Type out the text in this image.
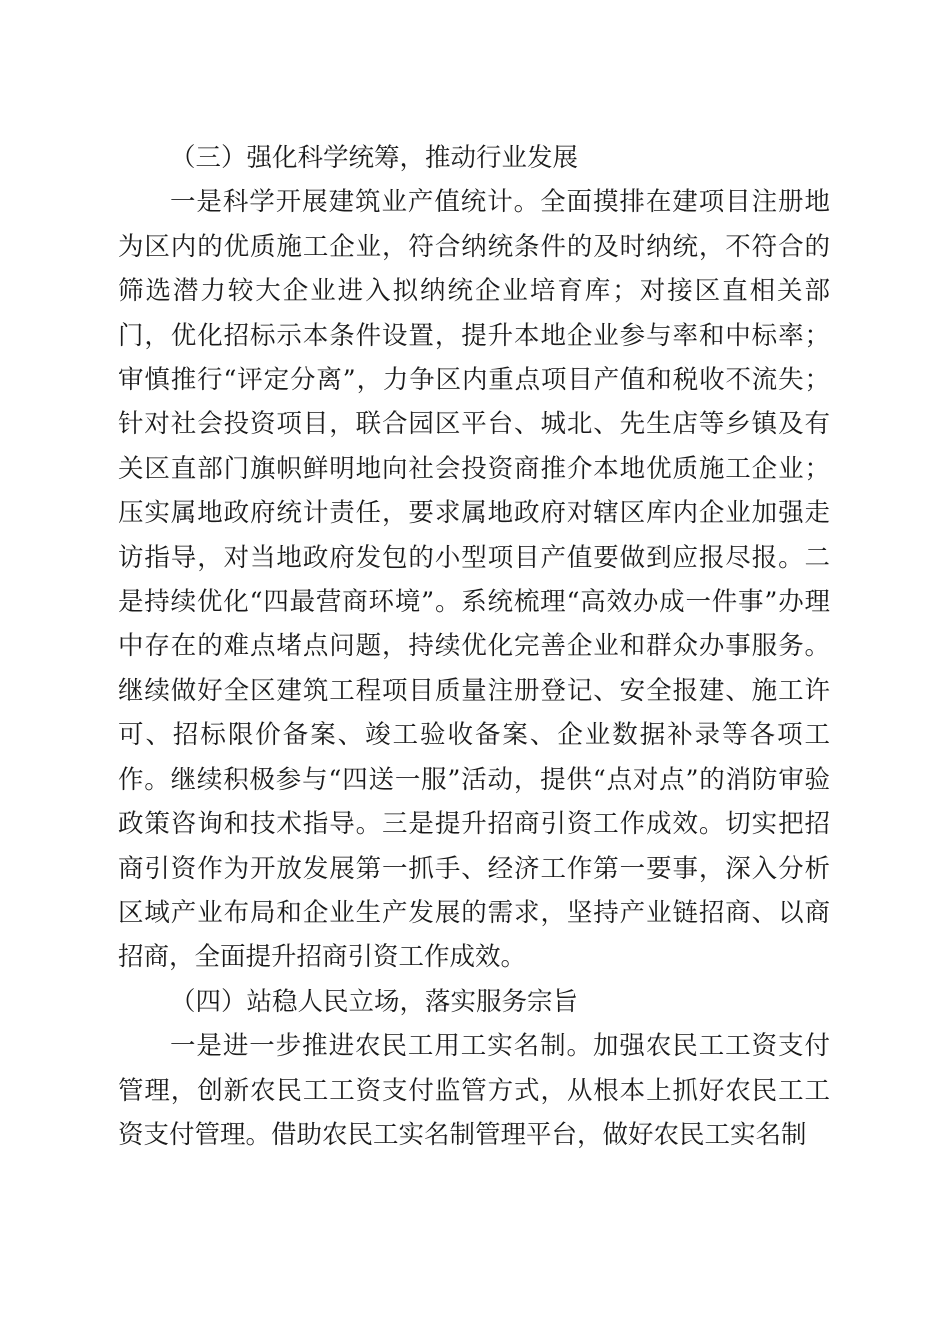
（三）强化科学统筹，推动行业发展

一是科学开展建筑业产值统计。全面摸排在建项目注册地为区内的优质施工企业，符合纳统条件的及时纳统，不符合的筛选潜力较大企业进入拟纳统企业培育库；对接区直相关部门，优化招标示本条件设置，提升本地企业参与率和中标率；审慎推行“评定分离”，力争区内重点项目产值和税收不流失；针对社会投资项目，联合园区平台、城北、先生店等乡镇及有关区直部门旗帜鲜明地向社会投资商推介本地优质施工企业；压实属地政府统计责任，要求属地政府对辖区库内企业加强走访指导，对当地政府发包的小型项目产值要做到应报尽报。二是持续优化“四最营商环境”。系统梳理“高效办成一件事”办理中存在的难点堵点问题，持续优化完善企业和群众办事服务。继续做好全区建筑工程项目质量注册登记、安全报建、施工许可、招标限价备案、竣工验收备案、企业数据补录等各项工作。继续积极参与“四送一服”活动，提供“点对点”的消防审验政策咨询和技术指导。三是提升招商引资工作成效。切实把招商引资作为开放发展第一抓手、经济工作第一要事，深入分析区域产业布局和企业生产发展的需求，坚持产业链招商、以商招商，全面提升招商引资工作成效。

（四）站稳人民立场，落实服务宗旨

一是进一步推进农民工用工实名制。加强农民工工资支付管理，创新农民工工资支付监管方式，从根本上抓好农民工工资支付管理。借助农民工实名制管理平台，做好农民工实名制
